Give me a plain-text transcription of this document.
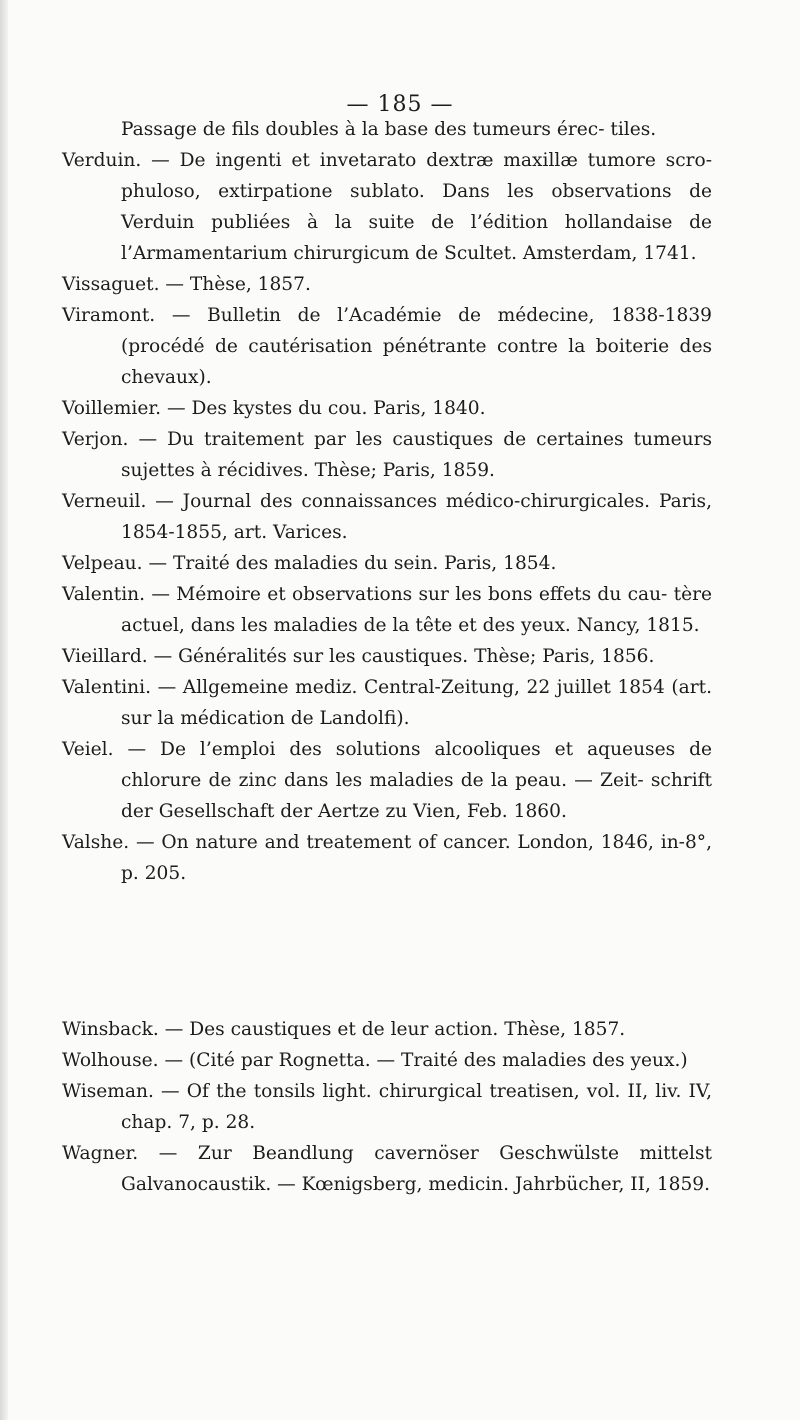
— 185 —

Passage de fils doubles à la base des tumeurs érec- tiles.

Verduin. — De ingenti et invetarato dextræ maxillæ tumore scro- phuloso, extirpatione sublato. Dans les observations de Verduin publiées à la suite de l’édition hollandaise de l’Armamentarium chirurgicum de Scultet. Amsterdam, 1741.

Vissaguet. — Thèse, 1857.

Viramont. — Bulletin de l’Académie de médecine, 1838-1839 (procédé de cautérisation pénétrante contre la boiterie des chevaux).

Voillemier. — Des kystes du cou. Paris, 1840.

Verjon. — Du traitement par les caustiques de certaines tumeurs sujettes à récidives. Thèse; Paris, 1859.

Verneuil. — Journal des connaissances médico-chirurgicales. Paris, 1854-1855, art. Varices.

Velpeau. — Traité des maladies du sein. Paris, 1854.

Valentin. — Mémoire et observations sur les bons effets du cau- tère actuel, dans les maladies de la tête et des yeux. Nancy, 1815.

Vieillard. — Généralités sur les caustiques. Thèse; Paris, 1856.

Valentini. — Allgemeine mediz. Central-Zeitung, 22 juillet 1854 (art. sur la médication de Landolfi).

Veiel. — De l’emploi des solutions alcooliques et aqueuses de chlorure de zinc dans les maladies de la peau. — Zeit- schrift der Gesellschaft der Aertze zu Vien, Feb. 1860.

Valshe. — On nature and treatement of cancer. London, 1846, in-8°, p. 205.

Winsback. — Des caustiques et de leur action. Thèse, 1857.

Wolhouse. — (Cité par Rognetta. — Traité des maladies des yeux.)

Wiseman. — Of the tonsils light. chirurgical treatisen, vol. II, liv. IV, chap. 7, p. 28.

Wagner. — Zur Beandlung cavernöser Geschwülste mittelst Galvanocaustik. — Kœnigsberg, medicin. Jahrbücher, II, 1859.
